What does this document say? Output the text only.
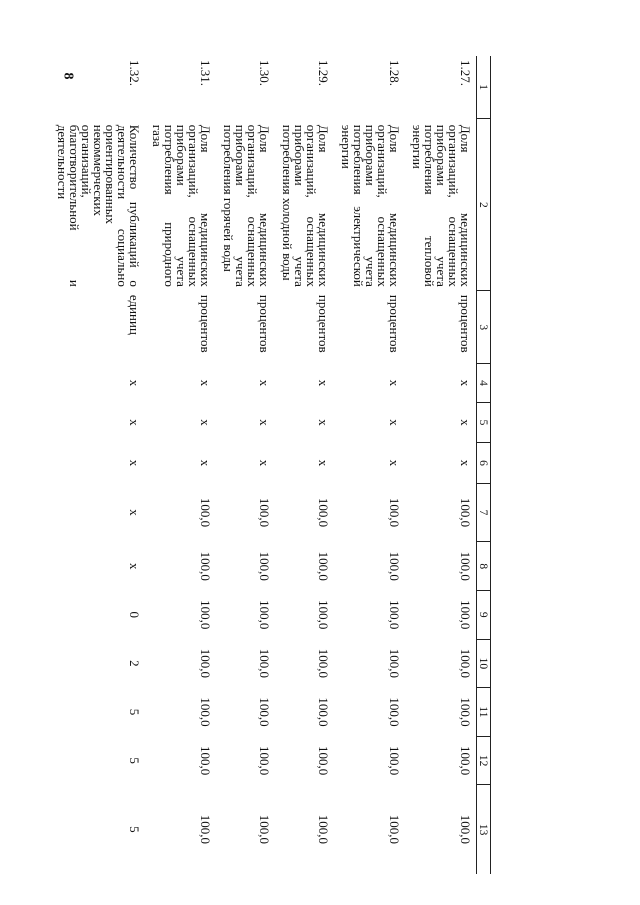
8
1	2	3	4	5	6	7	8	9	10	11	12	13
1.27.	Доля медицинских организаций, оснащенных приборами учета потребления тепловой энергии	процентов	х	х	х	100,0	100,0	100,0	100,0	100,0	100,0	100,0

1.28.	Доля медицинских организаций, оснащенных приборами учета потребления электрической энергии	процентов	х	х	х	100,0	100,0	100,0	100,0	100,0	100,0	100,0

1.29.	Доля медицинских организаций, оснащенных приборами учета потребления холодной воды	процентов	х	х	х	100,0	100,0	100,0	100,0	100,0	100,0	100,0

1.30.	Доля медицинских организаций, оснащенных приборами учета потребления горячей воды	процентов	х	х	х	100,0	100,0	100,0	100,0	100,0	100,0	100,0

1.31.	Доля медицинских организаций, оснащенных приборами учета потребления природного газа	процентов	х	х	х	100,0	100,0	100,0	100,0	100,0	100,0	100,0

1.32.	Количество публикаций о деятельности социально ориентированных некоммерческих организаций, благотворительной и деятельности	единиц	х	х	х	х	х	0	2	5	5	5
